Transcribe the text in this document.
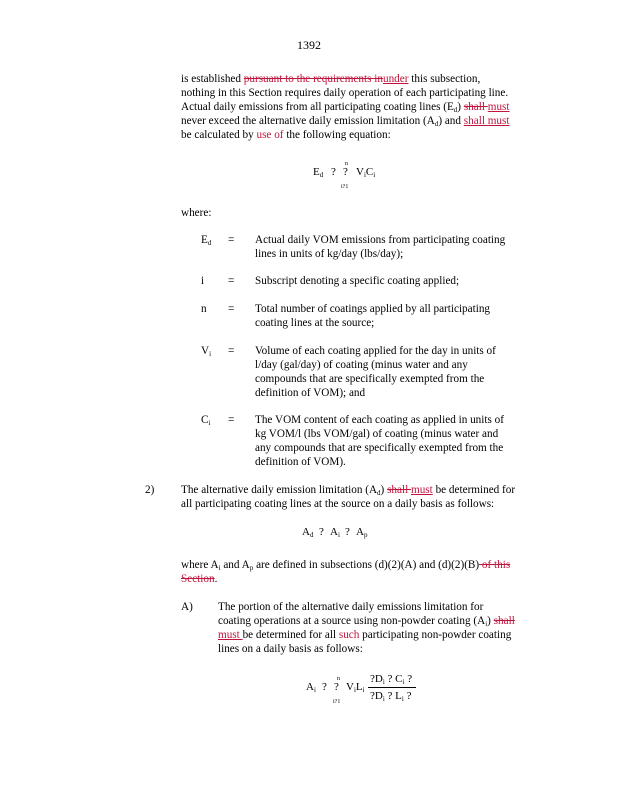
1392
is established pursuant to the requirements inunder this subsection,
nothing in this Section requires daily operation of each participating line.
Actual daily emissions from all participating coating lines $(E_d)$ shall must
never exceed the alternative daily emission limitation $(A_d)$ and shall must
be calculated by use of the following equation:
$E_d$ ?
n
?
i?1
$V_iC_i$
where:
$E_d$ = Actual daily VOM emissions from participating coating
lines in units of kg/day (lbs/day);
i = Subscript denoting a specific coating applied;
n = Total number of coatings applied by all participating
coating lines at the source;
$V_i$ = Volume of each coating applied for the day in units of
l/day (gal/day) of coating (minus water and any
compounds that are specifically exempted from the
definition of VOM); and
$C_i$ = The VOM content of each coating as applied in units of
kg VOM/l (lbs VOM/gal) of coating (minus water and
any compounds that are specifically exempted from the
definition of VOM).
2) The alternative daily emission limitation $(A_d)$ shall must be determined for
all participating coating lines at the source on a daily basis as follows:
$A_d$ ? $A_i$ ? $A_p$
where $A_i$ and $A_p$ are defined in subsections (d)(2)(A) and (d)(2)(B) of this
Section.
A) The portion of the alternative daily emissions limitation for
coating operations at a source using non-powder coating $(A_i)$ shall
must be determined for all such participating non-powder coating
lines on a daily basis as follows:
$A_i$ ?
n
?
i?1
$V_iL_i$
$?D_i$ ? $C_i$ ?
$?D_i$ ? $L_i$ ?
